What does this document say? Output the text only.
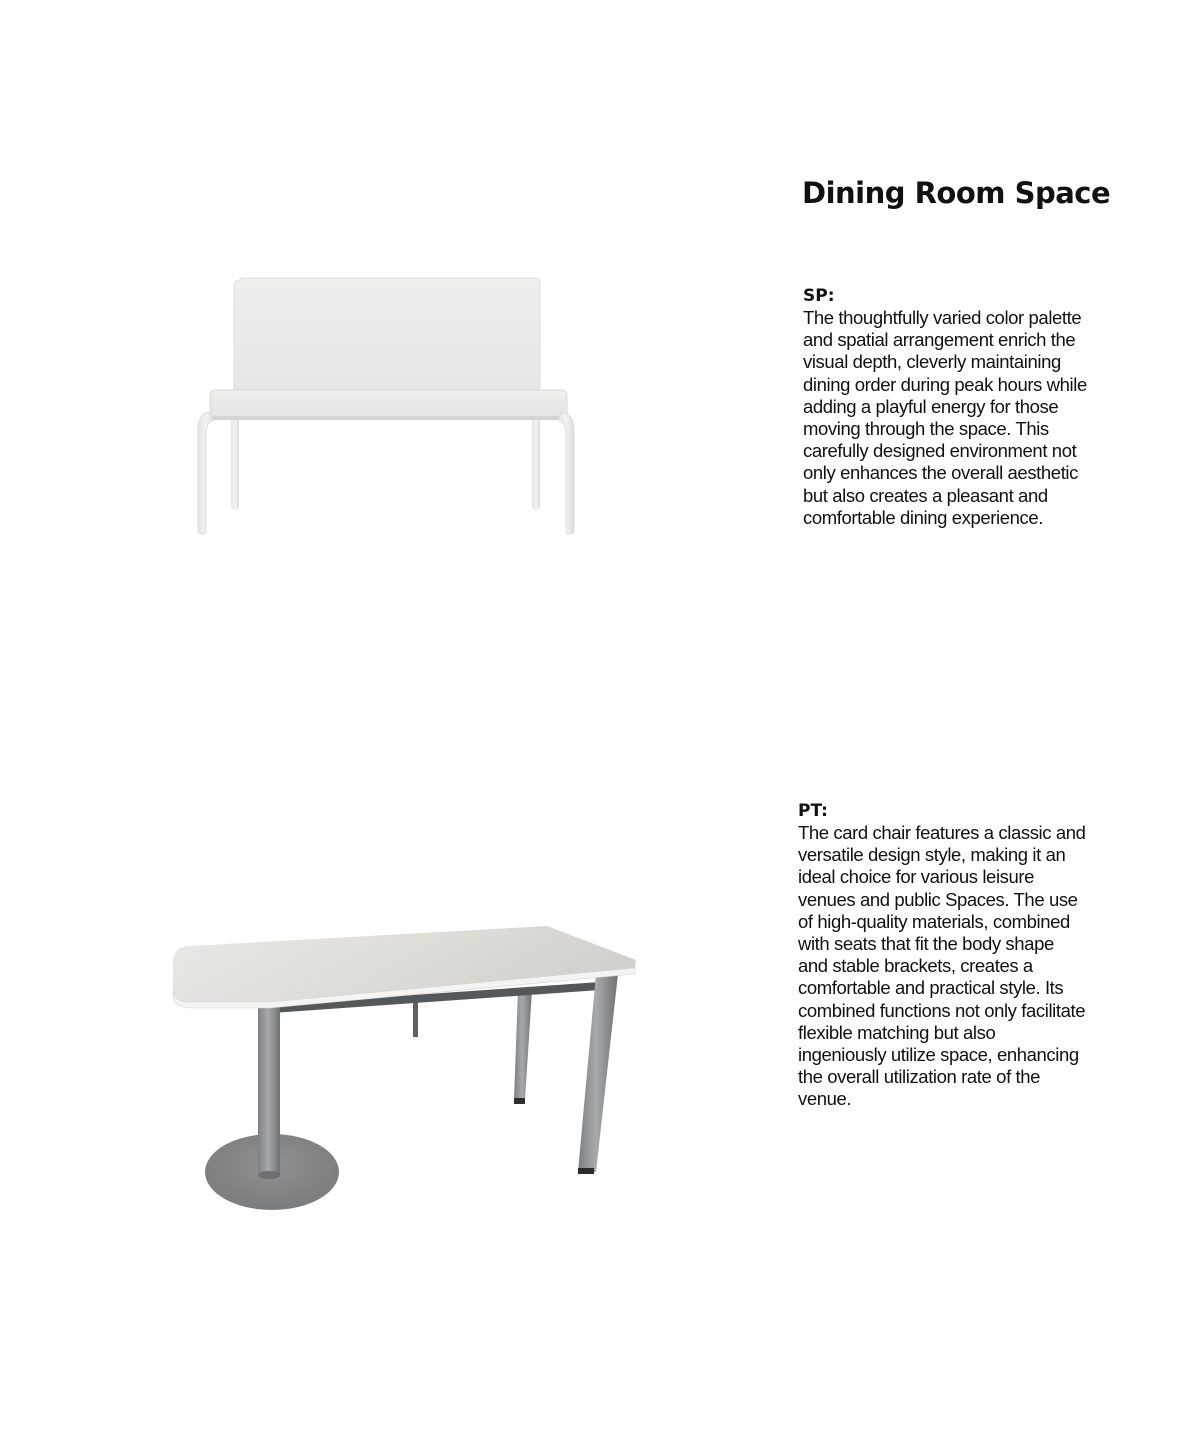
Dining Room Space

SP:

The thoughtfully varied color palette and spatial arrangement enrich the visual depth, cleverly maintaining dining order during peak hours while adding a playful energy for those moving through the space. This carefully designed environment not only enhances the overall aesthetic but also creates a pleasant and comfortable dining experience.

PT:

The card chair features a classic and versatile design style, making it an ideal choice for various leisure venues and public Spaces. The use of high-quality materials, combined with seats that fit the body shape and stable brackets, creates a comfortable and practical style. Its combined functions not only facilitate flexible matching but also ingeniously utilize space, enhancing the overall utilization rate of the venue.
